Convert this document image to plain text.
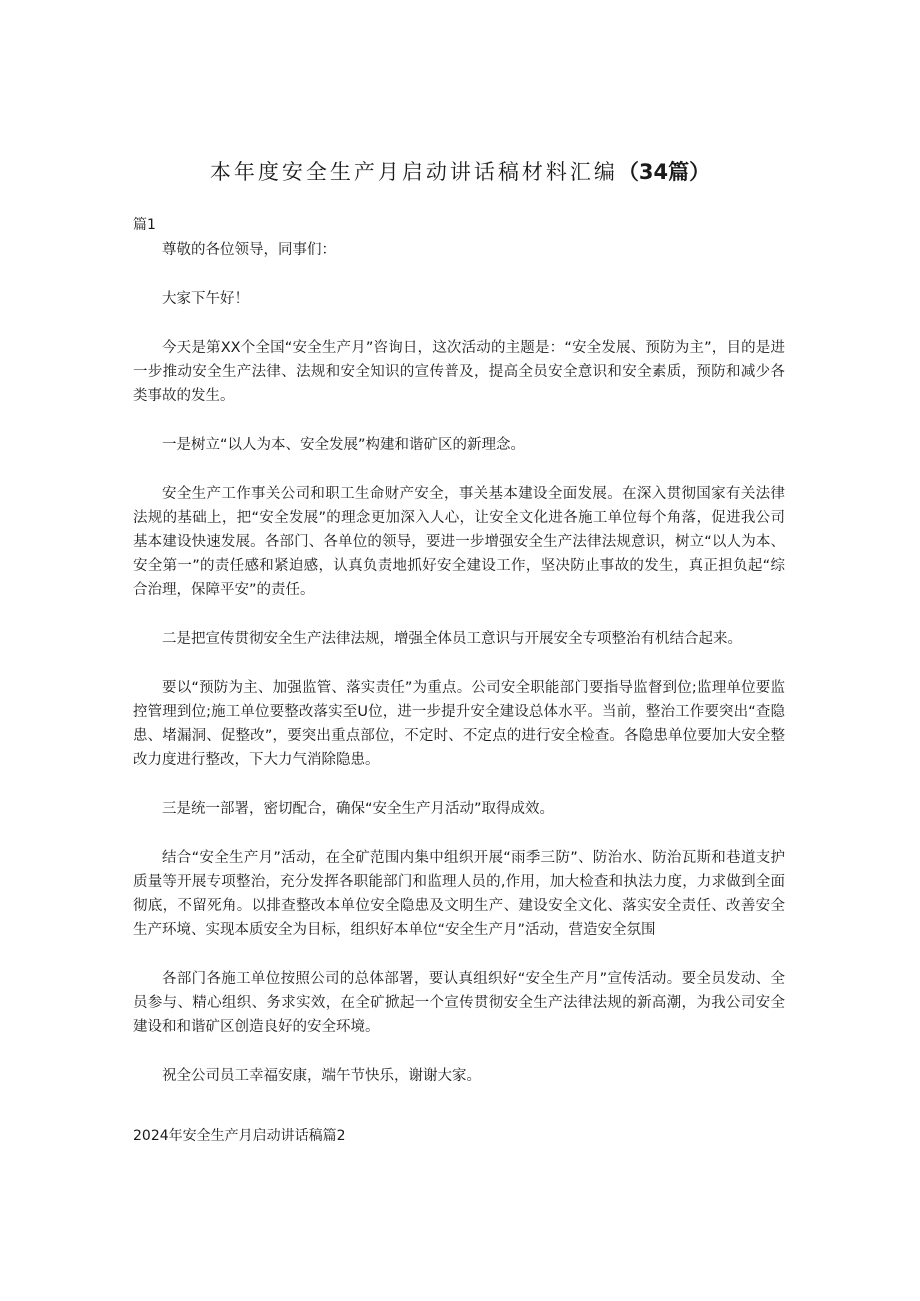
本年度安全生产月启动讲话稿材料汇编（34篇）
篇1

尊敬的各位领导，同事们：

大家下午好！

今天是第XX个全国“安全生产月”咨询日，这次活动的主题是：“安全发展、预防为主”，目的是进一步推动安全生产法律、法规和安全知识的宣传普及，提高全员安全意识和安全素质，预防和减少各类事故的发生。

一是树立“以人为本、安全发展”构建和谐矿区的新理念。

安全生产工作事关公司和职工生命财产安全，事关基本建设全面发展。在深入贯彻国家有关法律法规的基础上，把“安全发展”的理念更加深入人心，让安全文化进各施工单位每个角落，促进我公司基本建设快速发展。各部门、各单位的领导，要进一步增强安全生产法律法规意识，树立“以人为本、安全第一”的责任感和紧迫感，认真负责地抓好安全建设工作，坚决防止事故的发生，真正担负起“综合治理，保障平安”的责任。

二是把宣传贯彻安全生产法律法规，增强全体员工意识与开展安全专项整治有机结合起来。

要以“预防为主、加强监管、落实责任”为重点。公司安全职能部门要指导监督到位;监理单位要监控管理到位;施工单位要整改落实至U位，进一步提升安全建设总体水平。当前，整治工作要突出“查隐患、堵漏洞、促整改”，要突出重点部位，不定时、不定点的进行安全检查。各隐患单位要加大安全整改力度进行整改，下大力气消除隐患。

三是统一部署，密切配合，确保“安全生产月活动”取得成效。

结合“安全生产月”活动，在全矿范围内集中组织开展“雨季三防”、防治水、防治瓦斯和巷道支护质量等开展专项整治，充分发挥各职能部门和监理人员的,作用，加大检查和执法力度，力求做到全面彻底，不留死角。以排查整改本单位安全隐患及文明生产、建设安全文化、落实安全责任、改善安全生产环境、实现本质安全为目标，组织好本单位“安全生产月”活动，营造安全氛围

各部门各施工单位按照公司的总体部署，要认真组织好“安全生产月”宣传活动。要全员发动、全员参与、精心组织、务求实效，在全矿掀起一个宣传贯彻安全生产法律法规的新高潮，为我公司安全建设和和谐矿区创造良好的安全环境。

祝全公司员工幸福安康，端午节快乐，谢谢大家。

2024年安全生产月启动讲话稿篇2
